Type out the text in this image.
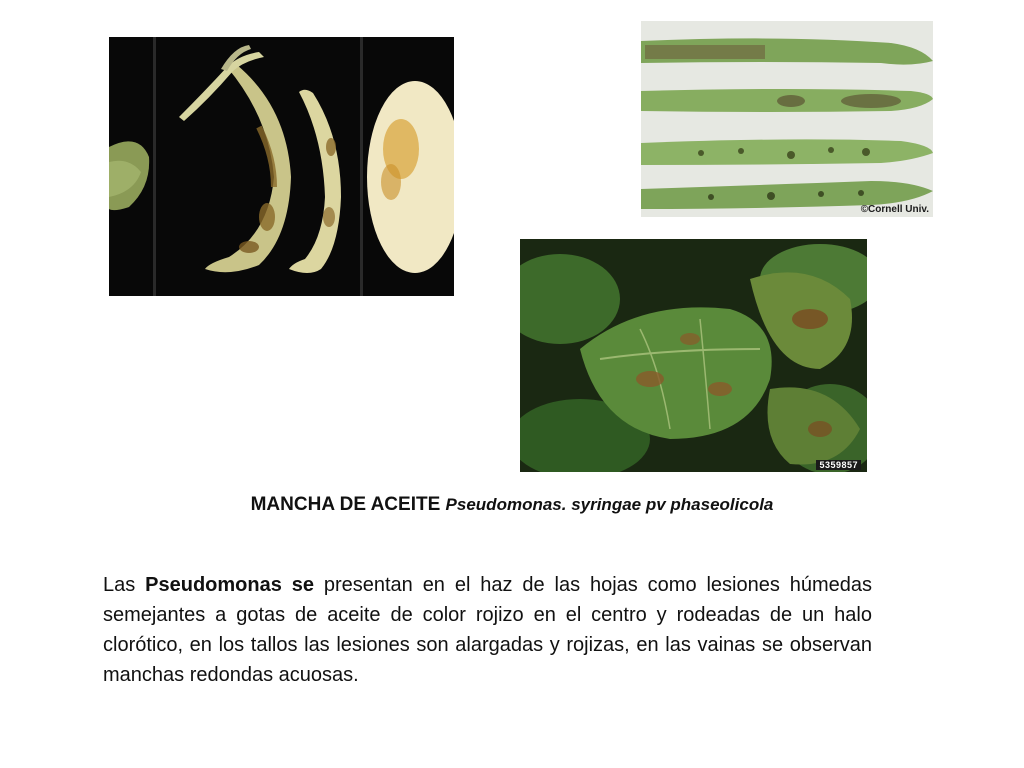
©Cornell Univ.
5359857
MANCHA DE ACEITE Pseudomonas. syringae pv phaseolicola
Las Pseudomonas se presentan en el haz de las hojas como lesiones húmedas semejantes a gotas de aceite de color rojizo en el centro y rodeadas de un halo clorótico, en los tallos las lesiones son alargadas y rojizas, en las vainas se observan manchas redondas acuosas.
